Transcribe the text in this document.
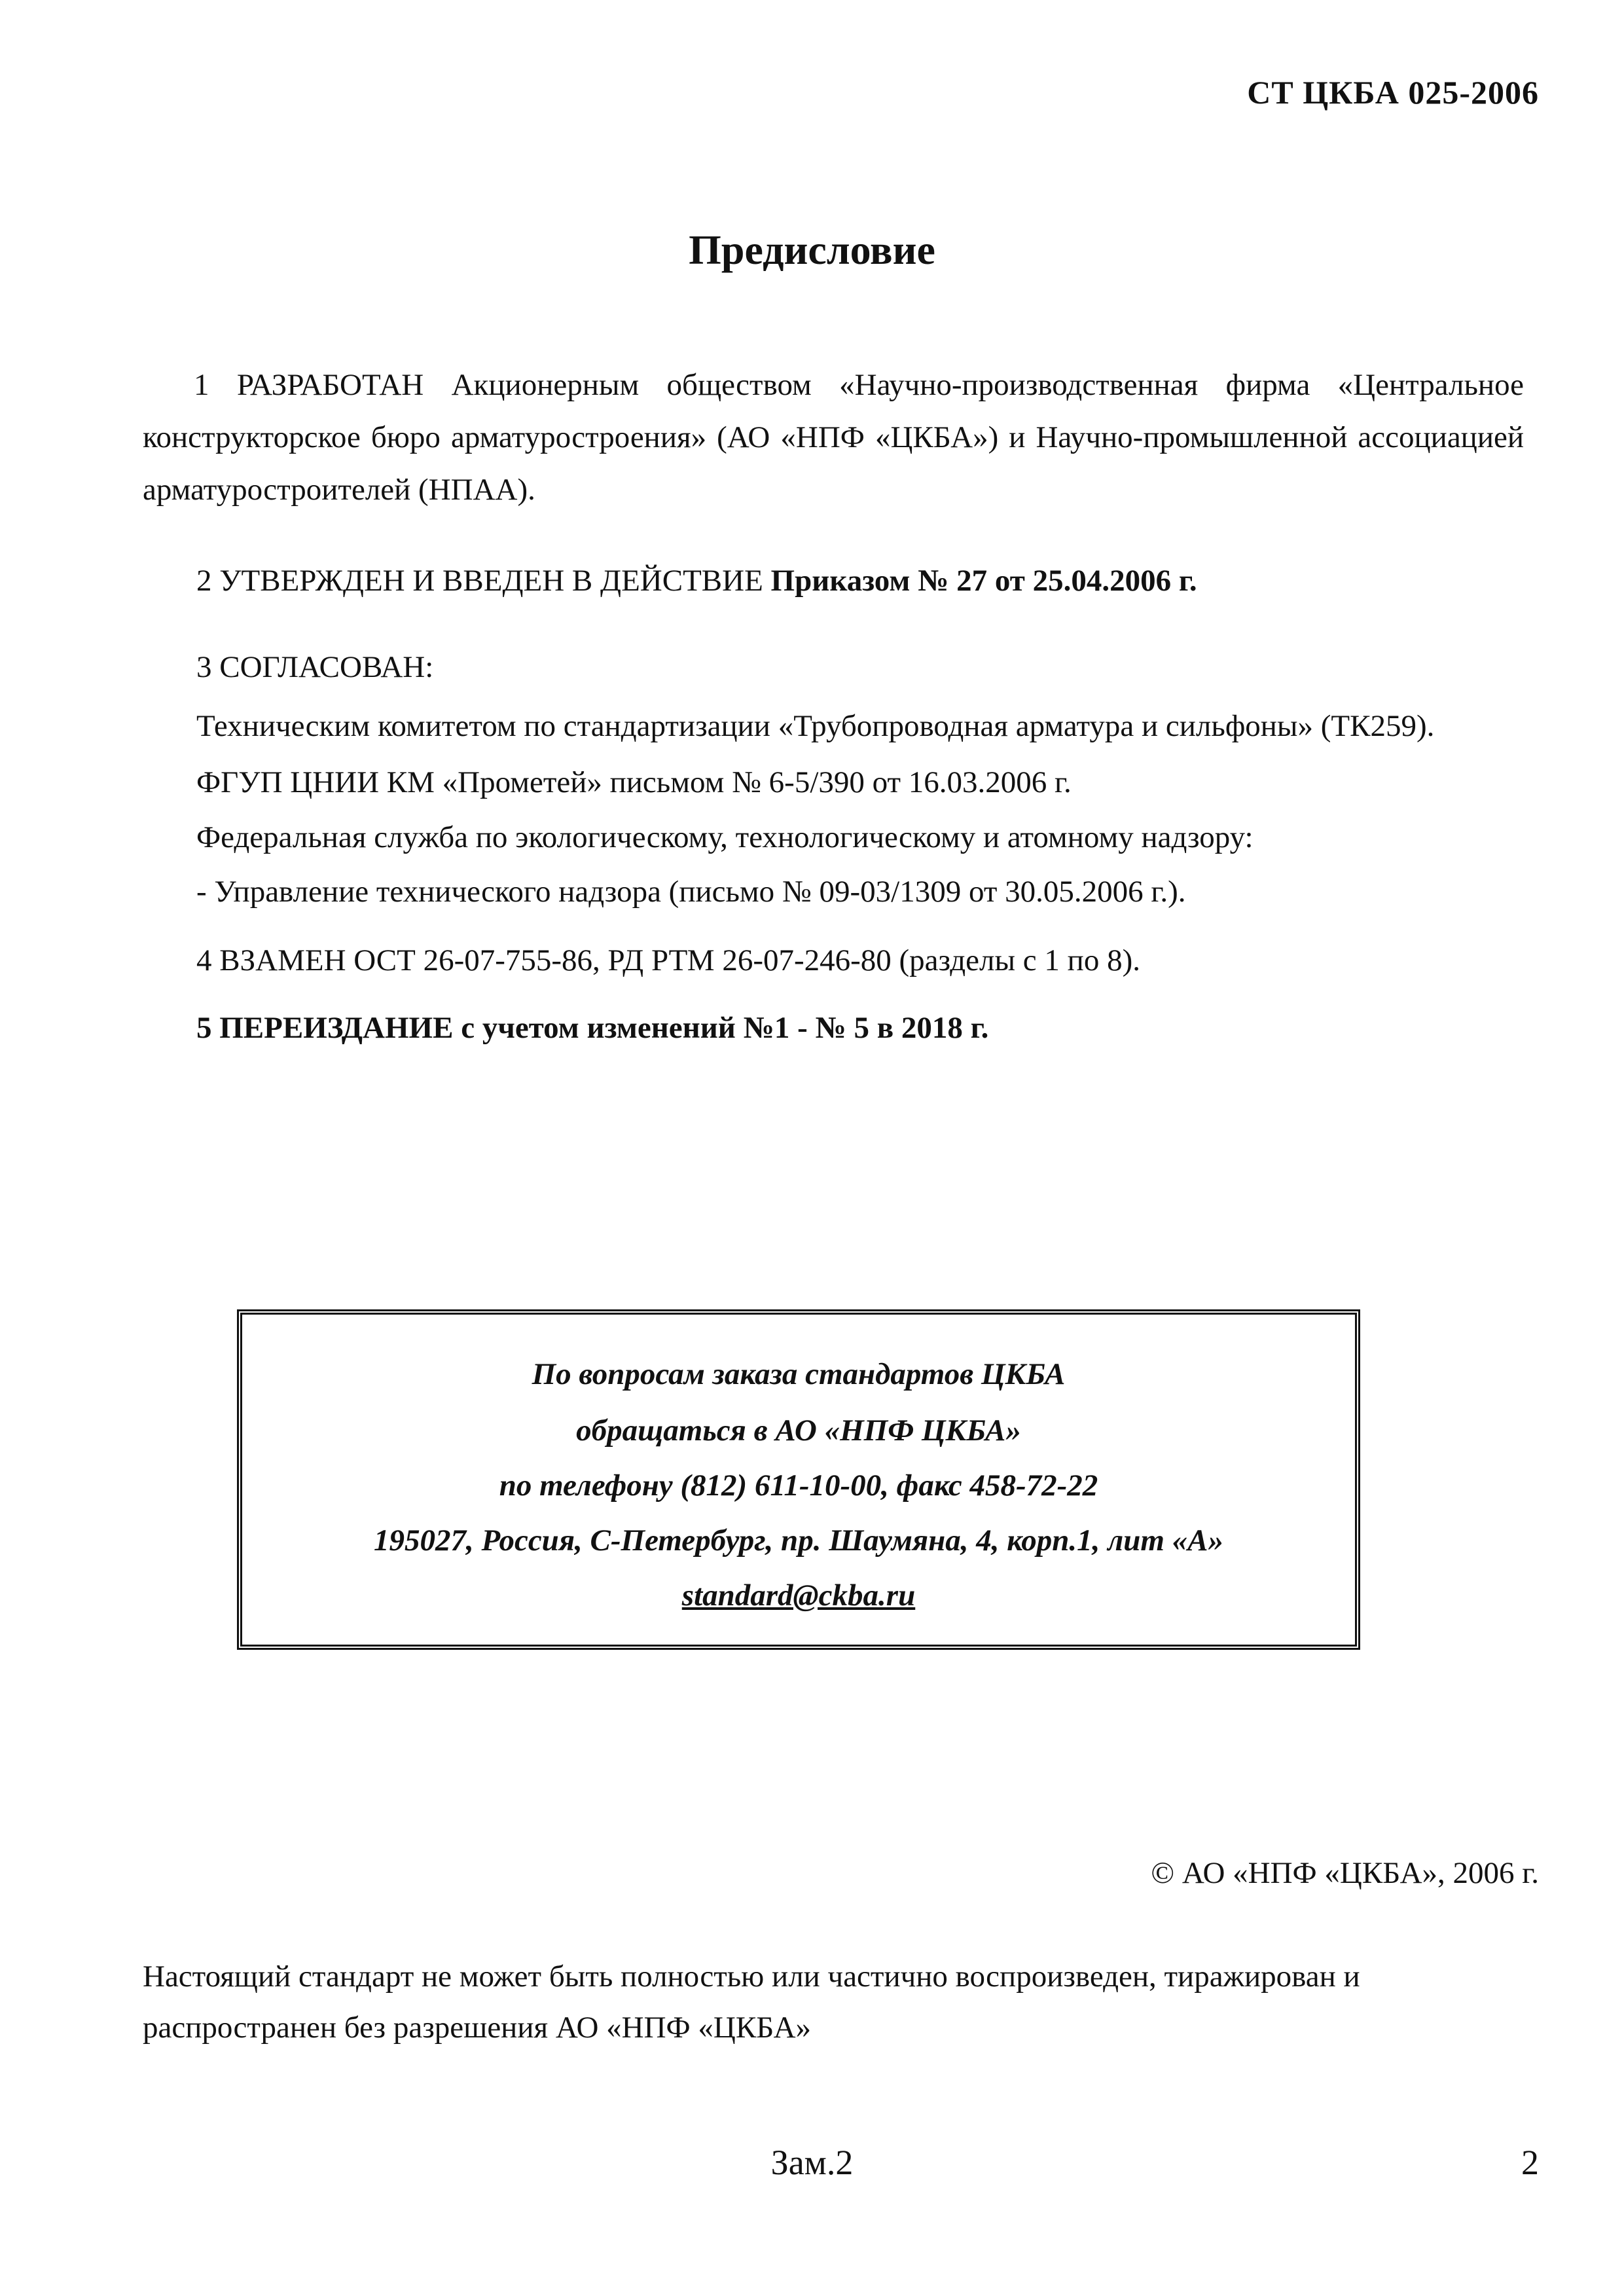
СТ ЦКБА 025-2006
Предисловие
1 РАЗРАБОТАН Акционерным обществом «Научно-производственная фирма «Центральное конструкторское бюро арматуростроения» (АО «НПФ «ЦКБА») и Научно-промышленной ассоциацией арматуростроителей (НПАА).
2 УТВЕРЖДЕН И ВВЕДЕН В ДЕЙСТВИЕ Приказом № 27 от 25.04.2006 г.
3 СОГЛАСОВАН:
Техническим комитетом по стандартизации «Трубопроводная арматура и сильфоны» (ТК259).
ФГУП ЦНИИ КМ «Прометей» письмом № 6-5/390 от 16.03.2006 г.
Федеральная служба по экологическому, технологическому и атомному надзору:
- Управление технического надзора (письмо № 09-03/1309 от 30.05.2006 г.).
4 ВЗАМЕН ОСТ 26-07-755-86, РД РТМ 26-07-246-80 (разделы с 1 по 8).
5 ПЕРЕИЗДАНИЕ с учетом изменений №1 - № 5 в 2018 г.
По вопросам заказа стандартов ЦКБА
обращаться в АО «НПФ ЦКБА»
по телефону (812) 611-10-00, факс 458-72-22
195027, Россия, С-Петербург, пр. Шаумяна, 4, корп.1, лит «А»
standard@ckba.ru
© АО «НПФ «ЦКБА», 2006 г.
Настоящий стандарт не может быть полностью или частично воспроизведен, тиражирован и распространен без разрешения АО «НПФ «ЦКБА»
Зам.2	2
